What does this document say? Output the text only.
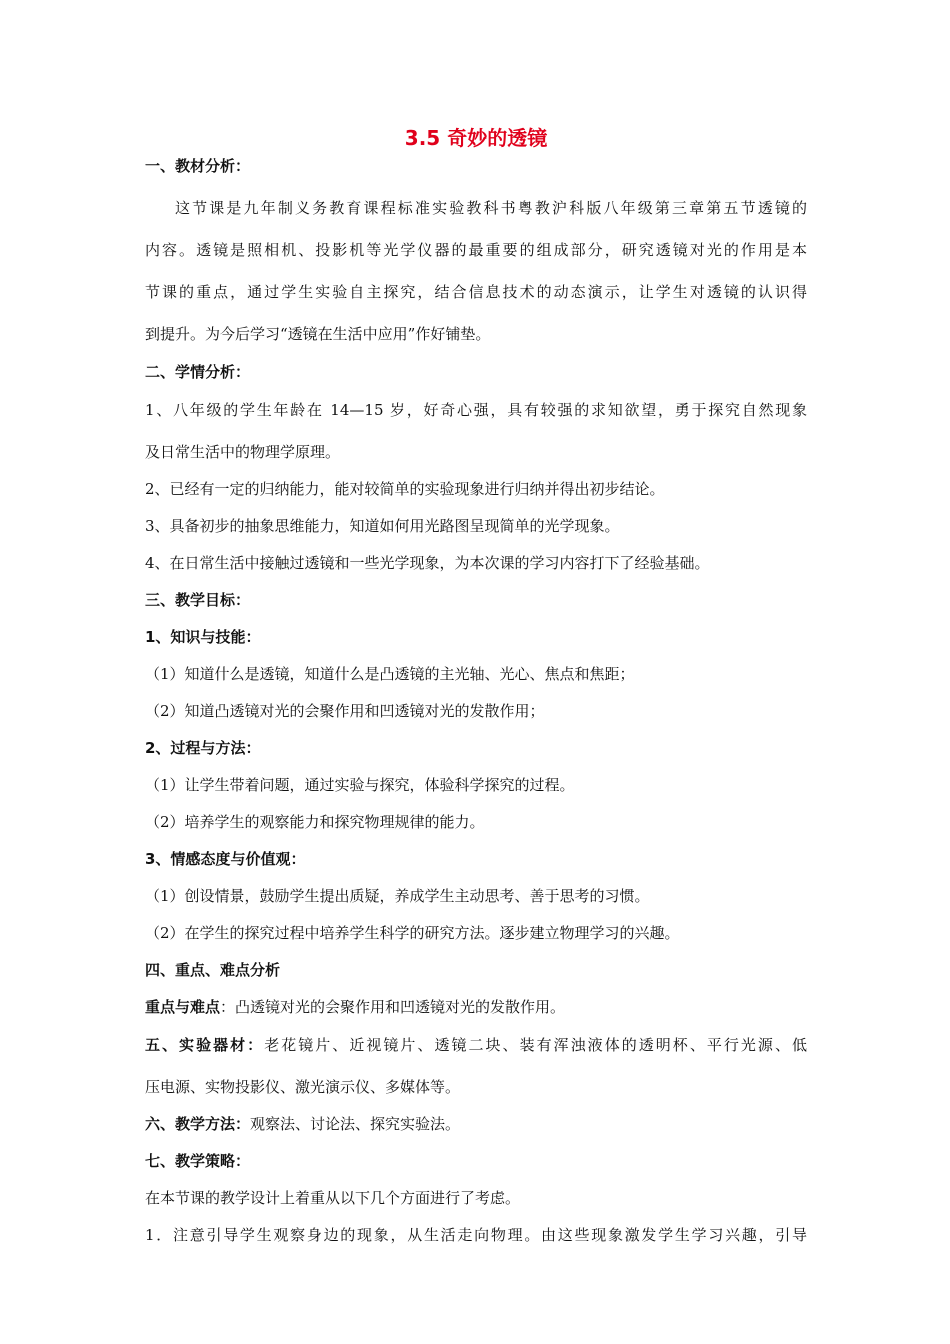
3.5 奇妙的透镜
一、教材分析：
这节课是九年制义务教育课程标准实验教科书粤教沪科版八年级第三章第五节透镜的
内容。透镜是照相机、投影机等光学仪器的最重要的组成部分，研究透镜对光的作用是本
节课的重点，通过学生实验自主探究，结合信息技术的动态演示，让学生对透镜的认识得
到提升。为今后学习“透镜在生活中应用”作好铺垫。
二、学情分析：
1、八年级的学生年龄在 14—15 岁，好奇心强，具有较强的求知欲望，勇于探究自然现象
及日常生活中的物理学原理。
2、已经有一定的归纳能力，能对较简单的实验现象进行归纳并得出初步结论。
3、具备初步的抽象思维能力，知道如何用光路图呈现简单的光学现象。
4、在日常生活中接触过透镜和一些光学现象，为本次课的学习内容打下了经验基础。
三、教学目标：
1、知识与技能：
（1）知道什么是透镜，知道什么是凸透镜的主光轴、光心、焦点和焦距；
（2）知道凸透镜对光的会聚作用和凹透镜对光的发散作用；
2、过程与方法：
（1）让学生带着问题，通过实验与探究，体验科学探究的过程。
（2）培养学生的观察能力和探究物理规律的能力。
3、情感态度与价值观：
（1）创设情景，鼓励学生提出质疑，养成学生主动思考、善于思考的习惯。
（2）在学生的探究过程中培养学生科学的研究方法。逐步建立物理学习的兴趣。
四、重点、难点分析
重点与难点：凸透镜对光的会聚作用和凹透镜对光的发散作用。
五、实验器材：老花镜片、近视镜片、透镜二块、装有浑浊液体的透明杯、平行光源、低
压电源、实物投影仪、激光演示仪、多媒体等。
六、教学方法：观察法、讨论法、探究实验法。
七、教学策略：
在本节课的教学设计上着重从以下几个方面进行了考虑。
1．注意引导学生观察身边的现象，从生活走向物理。由这些现象激发学生学习兴趣，引导
